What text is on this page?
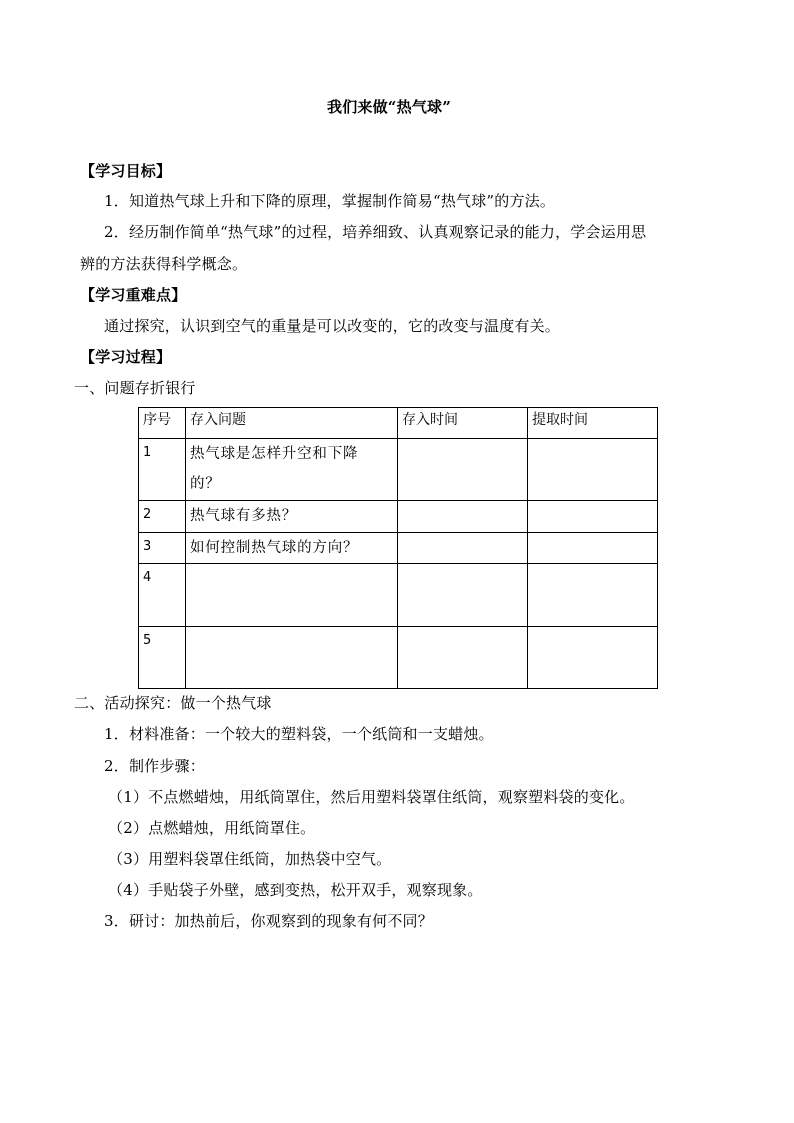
我们来做“热气球”
【学习目标】
1．知道热气球上升和下降的原理，掌握制作简易“热气球”的方法。
2．经历制作简单“热气球”的过程，培养细致、认真观察记录的能力，学会运用思
辨的方法获得科学概念。
【学习重难点】
通过探究，认识到空气的重量是可以改变的，它的改变与温度有关。
【学习过程】
一、问题存折银行
序号	存入问题	存入时间	提取时间
1	热气球是怎样升空和下降
的？		
2	热气球有多热？		
3	如何控制热气球的方向？		
4			
5			
二、活动探究：做一个热气球
1．材料准备：一个较大的塑料袋，一个纸筒和一支蜡烛。
2．制作步骤：
（1）不点燃蜡烛，用纸筒罩住，然后用塑料袋罩住纸筒，观察塑料袋的变化。
（2）点燃蜡烛，用纸筒罩住。
（3）用塑料袋罩住纸筒，加热袋中空气。
（4）手贴袋子外壁，感到变热，松开双手，观察现象。
3．研讨：加热前后，你观察到的现象有何不同？
